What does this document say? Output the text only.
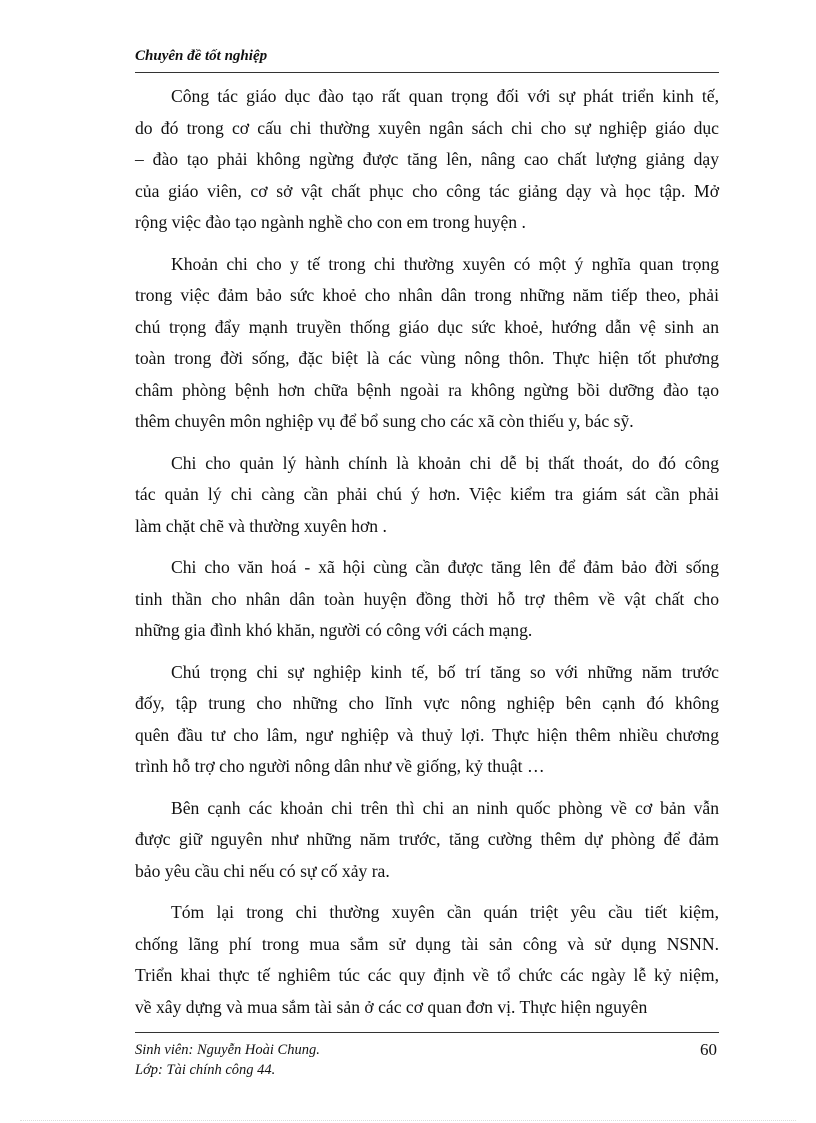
Chuyên đề tốt nghiệp
Công tác giáo dục đào tạo rất quan trọng đối với sự phát triển kinh tế,
do đó trong cơ cấu chi thường xuyên ngân sách chi cho sự nghiệp giáo dục
– đào tạo phải không ngừng được tăng lên, nâng cao chất lượng giảng dạy
của giáo viên, cơ sở vật chất phục cho công tác giảng dạy và học tập. Mở
rộng việc đào tạo ngành nghề cho con em trong huyện .
Khoản chi cho y tế trong chi thường xuyên có một ý nghĩa quan trọng
trong việc đảm bảo sức khoẻ cho nhân dân trong những năm tiếp theo, phải
chú trọng đẩy mạnh truyền thống giáo dục sức khoẻ, hướng dẫn vệ sinh an
toàn trong đời sống, đặc biệt là các vùng nông thôn. Thực hiện tốt phương
châm phòng bệnh hơn chữa bệnh ngoài ra không ngừng bồi dưỡng đào tạo
thêm chuyên môn nghiệp vụ để bổ sung cho các xã còn thiếu y, bác sỹ.
Chi cho quản lý hành chính là khoản chi dễ bị thất thoát, do đó công
tác quản lý chi càng cần phải chú ý hơn. Việc kiểm tra giám sát cần phải
làm chặt chẽ và thường xuyên hơn .
Chi cho văn hoá - xã hội cùng cần được tăng lên để đảm bảo đời sống
tinh thần cho nhân dân toàn huyện đồng thời hỗ trợ thêm về vật chất cho
những gia đình khó khăn, người có công với cách mạng.
Chú trọng chi sự nghiệp kinh tế, bố trí tăng so với những năm trước
đốy, tập trung cho những cho lĩnh vực nông nghiệp bên cạnh đó không
quên đầu tư cho lâm, ngư nghiệp và thuỷ lợi. Thực hiện thêm nhiều chương
trình hỗ trợ cho người nông dân như về giống, kỷ thuật …
Bên cạnh các khoản chi trên thì chi an ninh quốc phòng về cơ bản vẫn
được giữ nguyên như những năm trước, tăng cường thêm dự phòng để đảm
bảo yêu cầu chi nếu có sự cố xảy ra.
Tóm lại trong chi thường xuyên cần quán triệt yêu cầu tiết kiệm,
chống lãng phí trong mua sắm sử dụng tài sản công và sử dụng NSNN.
Triển khai thực tế nghiêm túc các quy định về tổ chức các ngày lễ kỷ niệm,
về xây dựng và mua sắm tài sản ở các cơ quan đơn vị. Thực hiện nguyên
Sinh viên: Nguyễn Hoài Chung.
Lớp: Tài chính công 44.
60
